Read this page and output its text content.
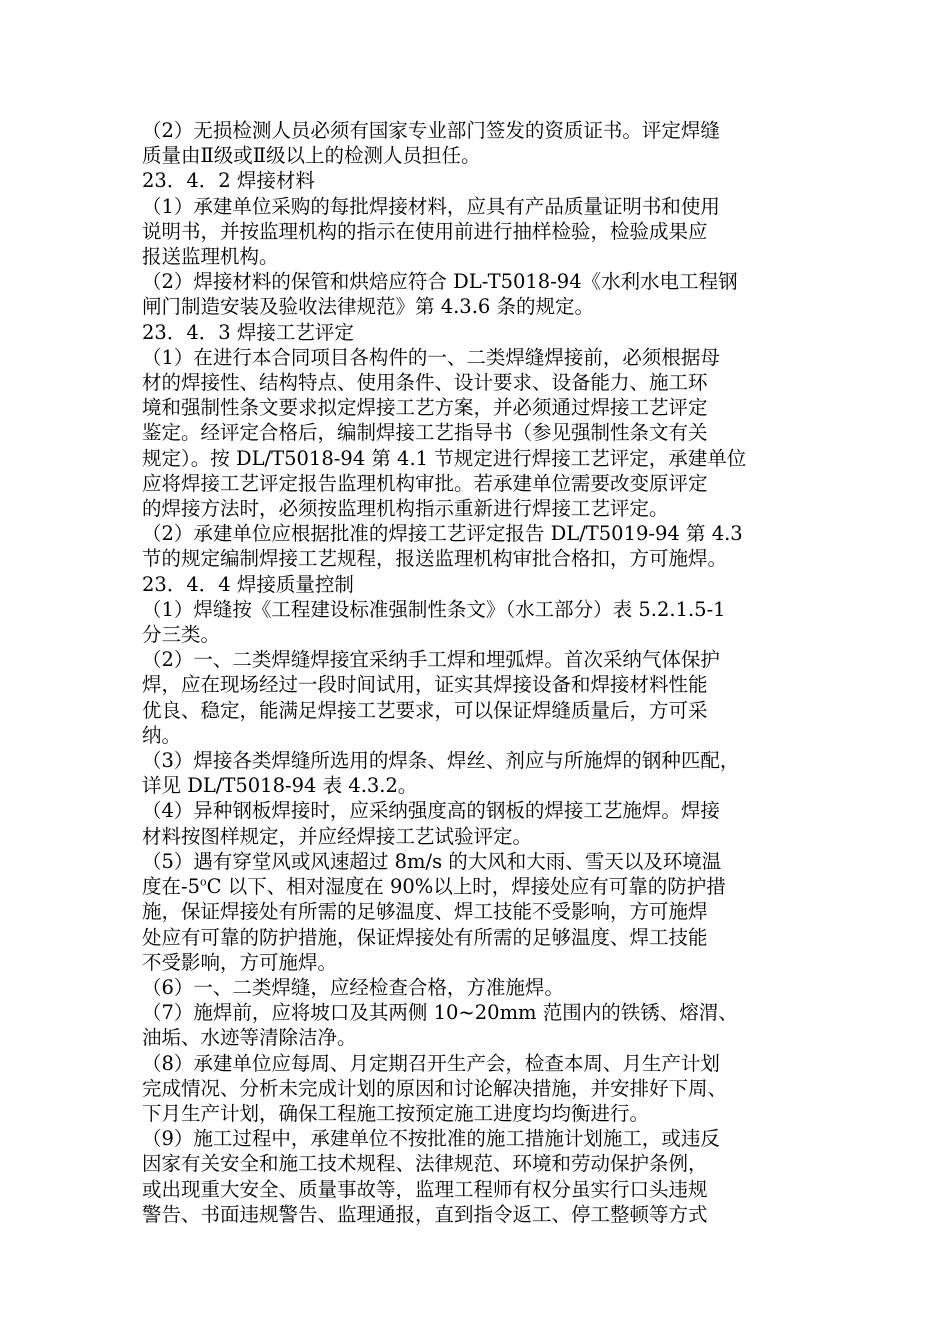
（2）无损检测人员必须有国家专业部门签发的资质证书。评定焊缝
质量由Ⅱ级或Ⅱ级以上的检测人员担任。
23．4．2 焊接材料
（1）承建单位采购的每批焊接材料，应具有产品质量证明书和使用
说明书，并按监理机构的指示在使用前进行抽样检验，检验成果应
报送监理机构。
（2）焊接材料的保管和烘焙应符合 DL-T5018-94《水利水电工程钢
闸门制造安装及验收法律规范》第 4.3.6 条的规定。
23．4．3 焊接工艺评定
（1）在进行本合同项目各构件的一、二类焊缝焊接前，必须根据母
材的焊接性、结构特点、使用条件、设计要求、设备能力、施工环
境和强制性条文要求拟定焊接工艺方案，并必须通过焊接工艺评定
鉴定。经评定合格后，编制焊接工艺指导书（参见强制性条文有关
规定）。按 DL/T5018-94 第 4.1 节规定进行焊接工艺评定，承建单位
应将焊接工艺评定报告监理机构审批。若承建单位需要改变原评定
的焊接方法时，必须按监理机构指示重新进行焊接工艺评定。
（2）承建单位应根据批准的焊接工艺评定报告 DL/T5019-94 第 4.3
节的规定编制焊接工艺规程，报送监理机构审批合格扣，方可施焊。
23．4．4 焊接质量控制
（1）焊缝按《工程建设标准强制性条文》（水工部分）表 5.2.1.5-1
分三类。
（2）一、二类焊缝焊接宜采纳手工焊和埋弧焊。首次采纳气体保护
焊，应在现场经过一段时间试用，证实其焊接设备和焊接材料性能
优良、稳定，能满足焊接工艺要求，可以保证焊缝质量后，方可采
纳。
（3）焊接各类焊缝所选用的焊条、焊丝、剂应与所施焊的钢种匹配，
详见 DL/T5018-94 表 4.3.2。
（4）异种钢板焊接时，应采纳强度高的钢板的焊接工艺施焊。焊接
材料按图样规定，并应经焊接工艺试验评定。
（5）遇有穿堂风或风速超过 8m/s 的大风和大雨、雪天以及环境温
度在-5$^o$C 以下、相对湿度在 90%以上时，焊接处应有可靠的防护措
施，保证焊接处有所需的足够温度、焊工技能不受影响，方可施焊
处应有可靠的防护措施，保证焊接处有所需的足够温度、焊工技能
不受影响，方可施焊。
（6）一、二类焊缝，应经检查合格，方准施焊。
（7）施焊前，应将坡口及其两侧 10~20mm 范围内的铁锈、熔渭、
油垢、水迹等清除洁净。
（8）承建单位应每周、月定期召开生产会，检查本周、月生产计划
完成情况、分析未完成计划的原因和讨论解决措施，并安排好下周、
下月生产计划，确保工程施工按预定施工进度均均衡进行。
（9）施工过程中，承建单位不按批准的施工措施计划施工，或违反
因家有关安全和施工技术规程、法律规范、环境和劳动保护条例，
或出现重大安全、质量事故等，监理工程师有权分虽实行口头违规
警告、书面违规警告、监理通报，直到指令返工、停工整顿等方式
